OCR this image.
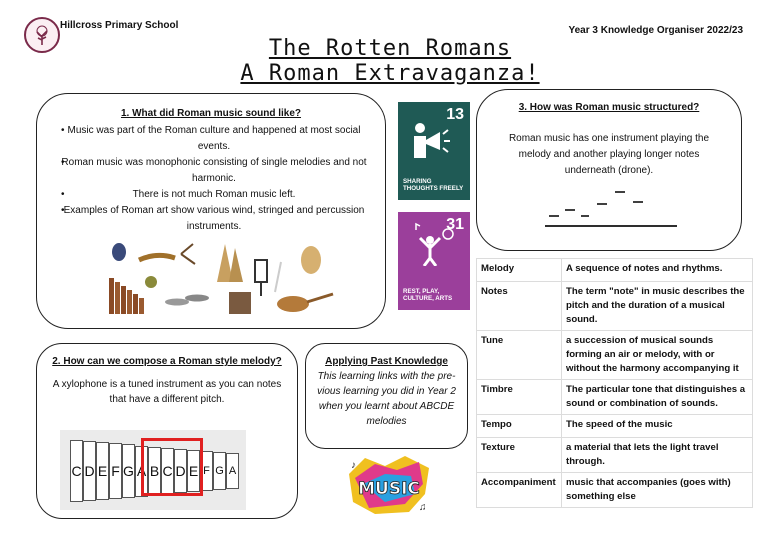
Hillcross Primary School	Year 3 Knowledge Organiser 2022/23
The Rotten Romans
A Roman Extravaganza!
1. What did Roman music sound like?
• Music was part of the Roman culture and happened at most social events.
• Roman music was monophonic consisting of single melodies and not harmonic.
• There is not much Roman music left.
• Examples of Roman art show various wind, stringed and percussion instruments.
13
SHARING
THOUGHTS FREELY
31
REST, PLAY,
CULTURE, ARTS
3. How was Roman music structured?
Roman music has one instrument playing the melody and another playing longer notes underneath (drone).
Melody	A sequence of notes and rhythms.
Notes	The term "note" in music describes the pitch and the duration of a musical sound.
Tune	a succession of musical sounds forming an air or melody, with or without the harmony accompanying it
Timbre	The particular tone that distinguishes a sound or combination of sounds.
Tempo	The speed of the music
Texture	a material that lets the light travel through.
Accompaniment	music that accompanies (goes with) something else
2. How can we compose a Roman style melody?
A xylophone is a tuned instrument as you can notes that have a different pitch.
C D E F G A B C D E F G A
Applying Past Knowledge
This learning links with the pre-vious learning you did in Year 2 when you learnt about ABCDE melodies
MUSIC
♪
♫
